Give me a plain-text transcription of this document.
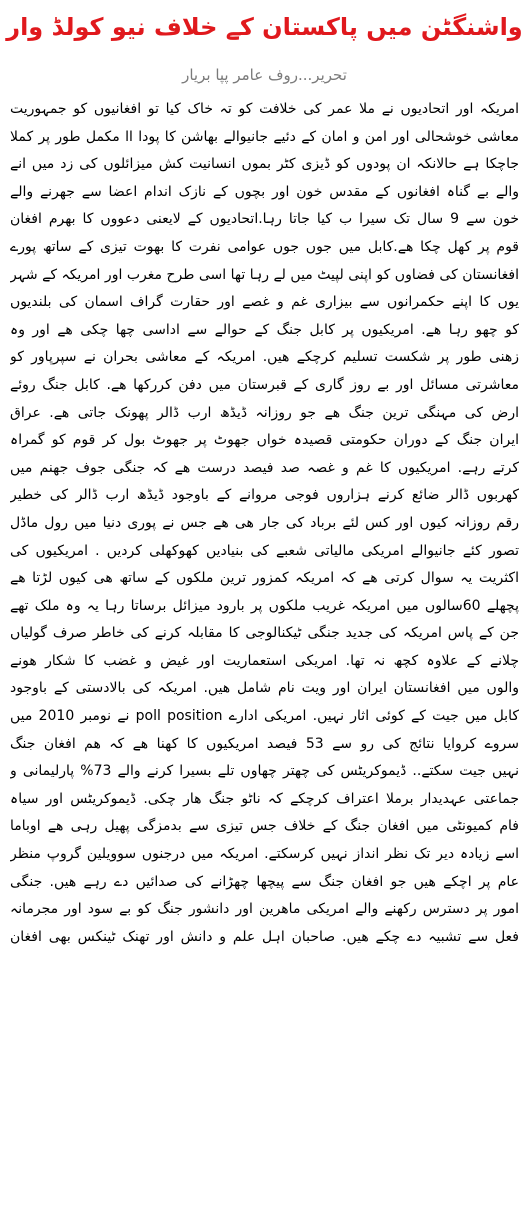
واشنگٹن میں پاکستان کے خلاف نیو کولڈ وار

تحریر...روف عامر پپا بریار

امریکہ اور اتحادیوں نے ملا عمر کی خلافت کو تہ خاک کیا تو افغانیوں کو جمہوریت

معاشی خوشحالی اور امن و امان کے دئیے جانیوالے بھاشن کا پودا اا مکمل طور پر کملا

جاچکا ہے حالانکہ ان پودوں کو ڈیزی کٹر بموں انسانیت کش میزائلوں کی زد میں انے

والے بے گناہ افغانوں کے مقدس خون اور بچوں کے نازک اندام اعضا سے جھرنے والے

خون سے 9 سال تک سیرا ب کیا جاتا رہا.اتحادیوں کے لایعنی دعووں کا بھرم افغان

قوم پر کھل چکا ھے.کابل میں جوں جوں عوامی نفرت کا بھوت تیزی کے ساتھ پورے

افغانستان کی فضاوں کو اپنی لپیٹ میں لے رہا تھا اسی طرح مغرب اور امریکہ کے شہر

یوں کا اپنے حکمرانوں سے بیزاری غم و غصے اور حقارت گراف اسمان کی بلندیوں

کو چھو رہا ھے. امریکیوں پر کابل جنگ کے حوالے سے اداسی چھا چکی ھے اور وہ

زھنی طور پر شکست تسلیم کرچکے ھیں. امریکہ کے معاشی بحران نے سپرپاور کو

معاشرتی مسائل اور بے روز گاری کے قبرستان میں دفن کررکھا ھے. کابل جنگ روئے

ارض کی مہنگی ترین جنگ ھے جو روزانہ ڈیڈھ ارب ڈالر پھونک جاتی ھے. عراق

ایران جنگ کے دوران حکومتی قصیدہ خواں جھوٹ پر جھوٹ بول کر قوم کو گمراہ

کرتے رہے. امریکیوں کا غم و غصہ صد فیصد درست ھے کہ جنگی جوف جھنم میں

کھربوں ڈالر ضائع کرنے ہزاروں فوجی مروانے کے باوجود ڈیڈھ ارب ڈالر کی خطیر

رقم روزانہ کیوں اور کس لئے برباد کی جار ھی ھے جس نے پوری دنیا میں رول ماڈل

تصور کئے جانیوالے امریکی مالیاتی شعبے کی بنیادیں کھوکھلی کردیں . امریکیوں کی

اکثریت یہ سوال کرتی ھے کہ امریکہ کمزور ترین ملکوں کے ساتھ ھی کیوں لڑتا ھے

پچھلے 60سالوں میں امریکہ غریب ملکوں پر بارود میزائل برساتا رہا یہ وہ ملک تھے

جن کے پاس امریکہ کی جدید جنگی ٹیکنالوجی کا مقابلہ کرنے کی خاطر صرف گولیاں

چلانے کے علاوہ کچھ نہ تھا. امریکی استعماریت اور غیض و غضب کا شکار ھونے

والوں میں افغانستان ایران اور ویت نام شامل ھیں. امریکہ کی بالادستی کے باوجود

کابل میں جیت کے کوئی اثار نہیں. امریکی ادارے poll position نے نومبر 2010 میں

سروے کروایا نتائج کی رو سے 53 فیصد امریکیوں کا کھنا ھے کہ ھم افغان جنگ

نہیں جیت سکتے.. ڈیموکریٹس کی چھتر چھاوں تلے بسیرا کرنے والے 73% پارلیمانی و

جماعتی عہدیدار برملا اعتراف کرچکے کہ ناٹو جنگ ھار چکی. ڈیموکریٹس اور سیاہ

فام کمیونٹی میں افغان جنگ کے خلاف جس تیزی سے بدمزگی پھیل رہی ھے اوباما

اسے زیادہ دیر تک نظر انداز نہیں کرسکتے. امریکہ میں درجنوں سوویلین گروپ منظر

عام پر اچکے ھیں جو افغان جنگ سے پیچھا چھڑانے کی صدائیں دے رہے ھیں. جنگی

امور پر دسترس رکھنے والے امریکی ماھرین اور دانشور جنگ کو بے سود اور مجرمانہ

فعل سے تشبیہ دے چکے ھیں. صاحبان اہل علم و دانش اور تھنک ٹینکس بھی افغان
